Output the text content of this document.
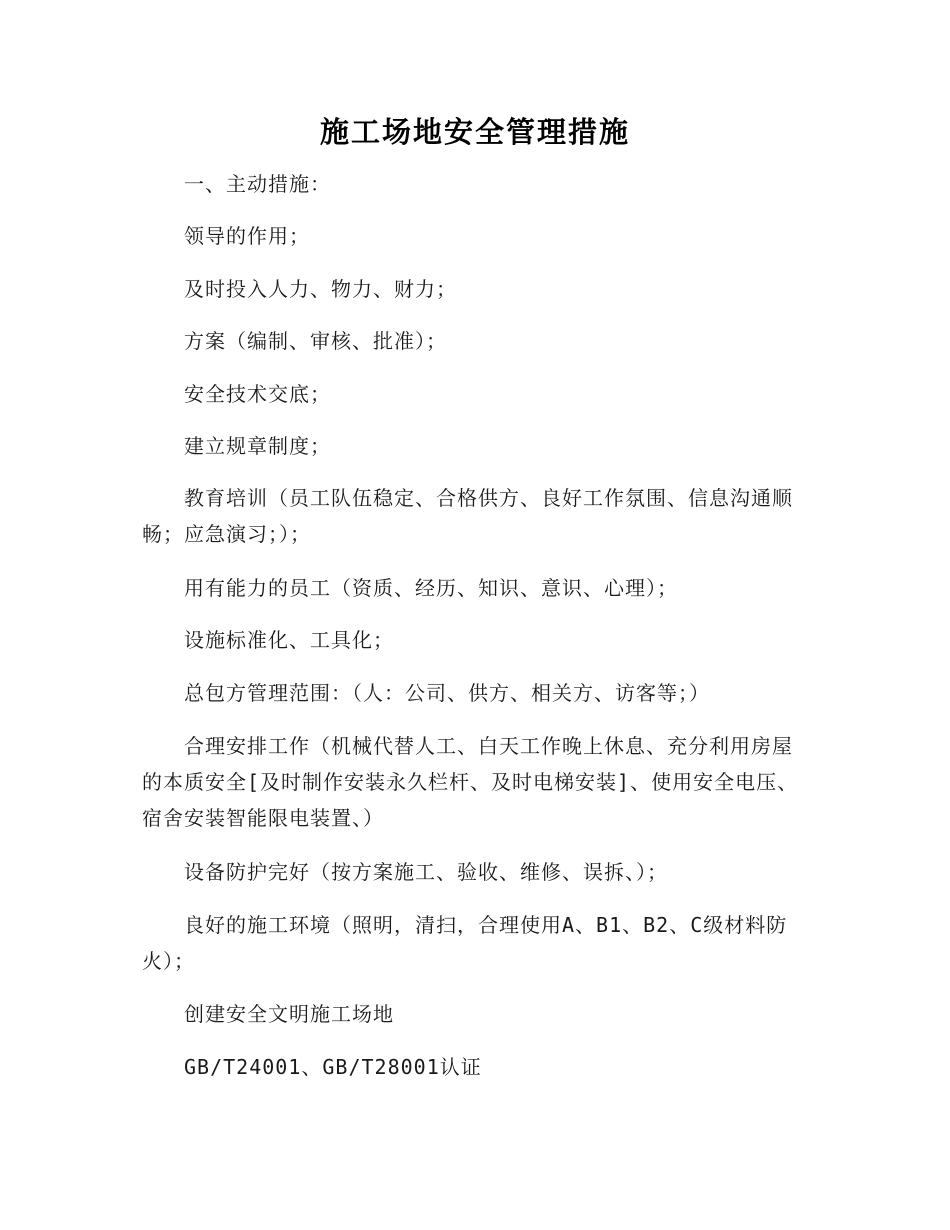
施工场地安全管理措施
一、主动措施：
领导的作用；
及时投入人力、物力、财力；
方案（编制、审核、批准）；
安全技术交底；
建立规章制度；
教育培训（员工队伍稳定、合格供方、良好工作氛围、信息沟通顺畅；应急演习；）；
用有能力的员工（资质、经历、知识、意识、心理）；
设施标准化、工具化；
总包方管理范围：（人：公司、供方、相关方、访客等；）
合理安排工作（机械代替人工、白天工作晚上休息、充分利用房屋的本质安全[及时制作安装永久栏杆、及时电梯安装]、使用安全电压、宿舍安装智能限电装置、）
设备防护完好（按方案施工、验收、维修、误拆、）；
良好的施工环境（照明，清扫，合理使用A、B1、B2、C级材料防火）；
创建安全文明施工场地
GB/T24001、GB/T28001认证
